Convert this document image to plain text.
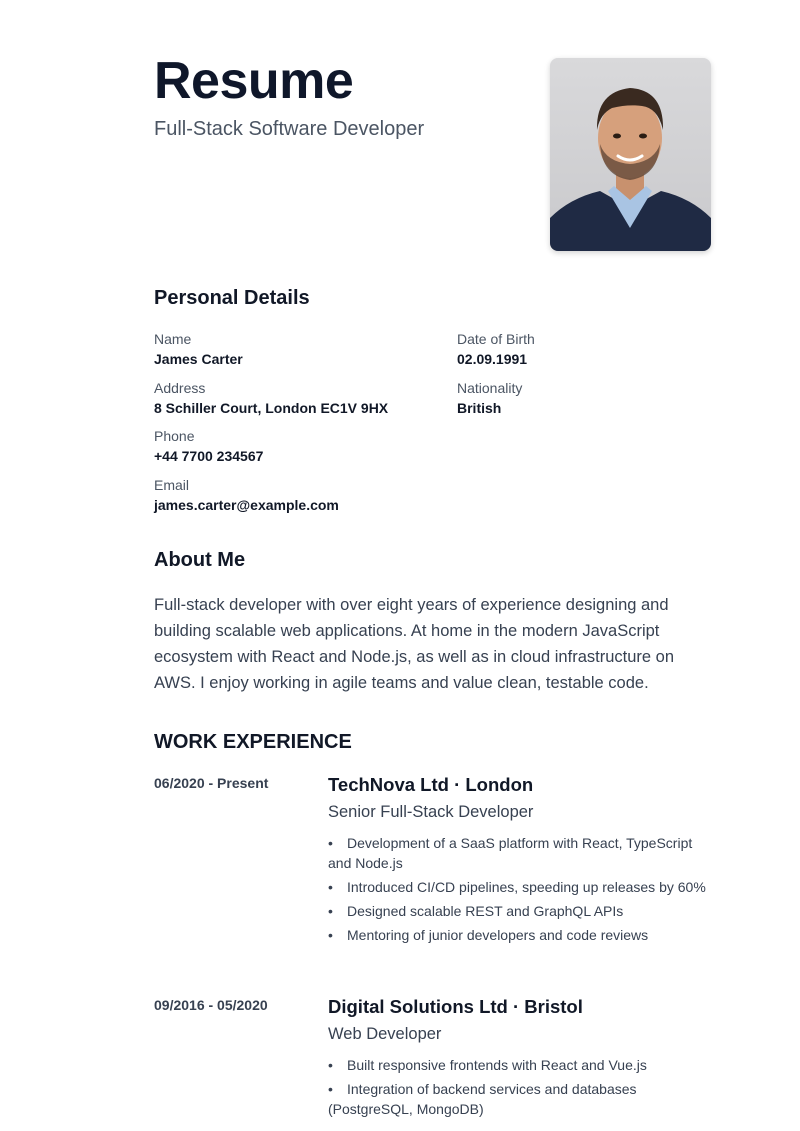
Resume
Full-Stack Software Developer
Personal Details
Name
James Carter
Address
8 Schiller Court, London EC1V 9HX
Phone
+44 7700 234567
Email
james.carter@example.com
Date of Birth
02.09.1991
Nationality
British
About Me
Full-stack developer with over eight years of experience designing and building scalable web applications. At home in the modern JavaScript ecosystem with React and Node.js, as well as in cloud infrastructure on AWS. I enjoy working in agile teams and value clean, testable code.
WORK EXPERIENCE
06/2020 - Present	TechNova Ltd · London
Senior Full-Stack Developer
• Development of a SaaS platform with React, TypeScript and Node.js
• Introduced CI/CD pipelines, speeding up releases by 60%
• Designed scalable REST and GraphQL APIs
• Mentoring of junior developers and code reviews
09/2016 - 05/2020	Digital Solutions Ltd · Bristol
Web Developer
• Built responsive frontends with React and Vue.js
• Integration of backend services and databases (PostgreSQL, MongoDB)
